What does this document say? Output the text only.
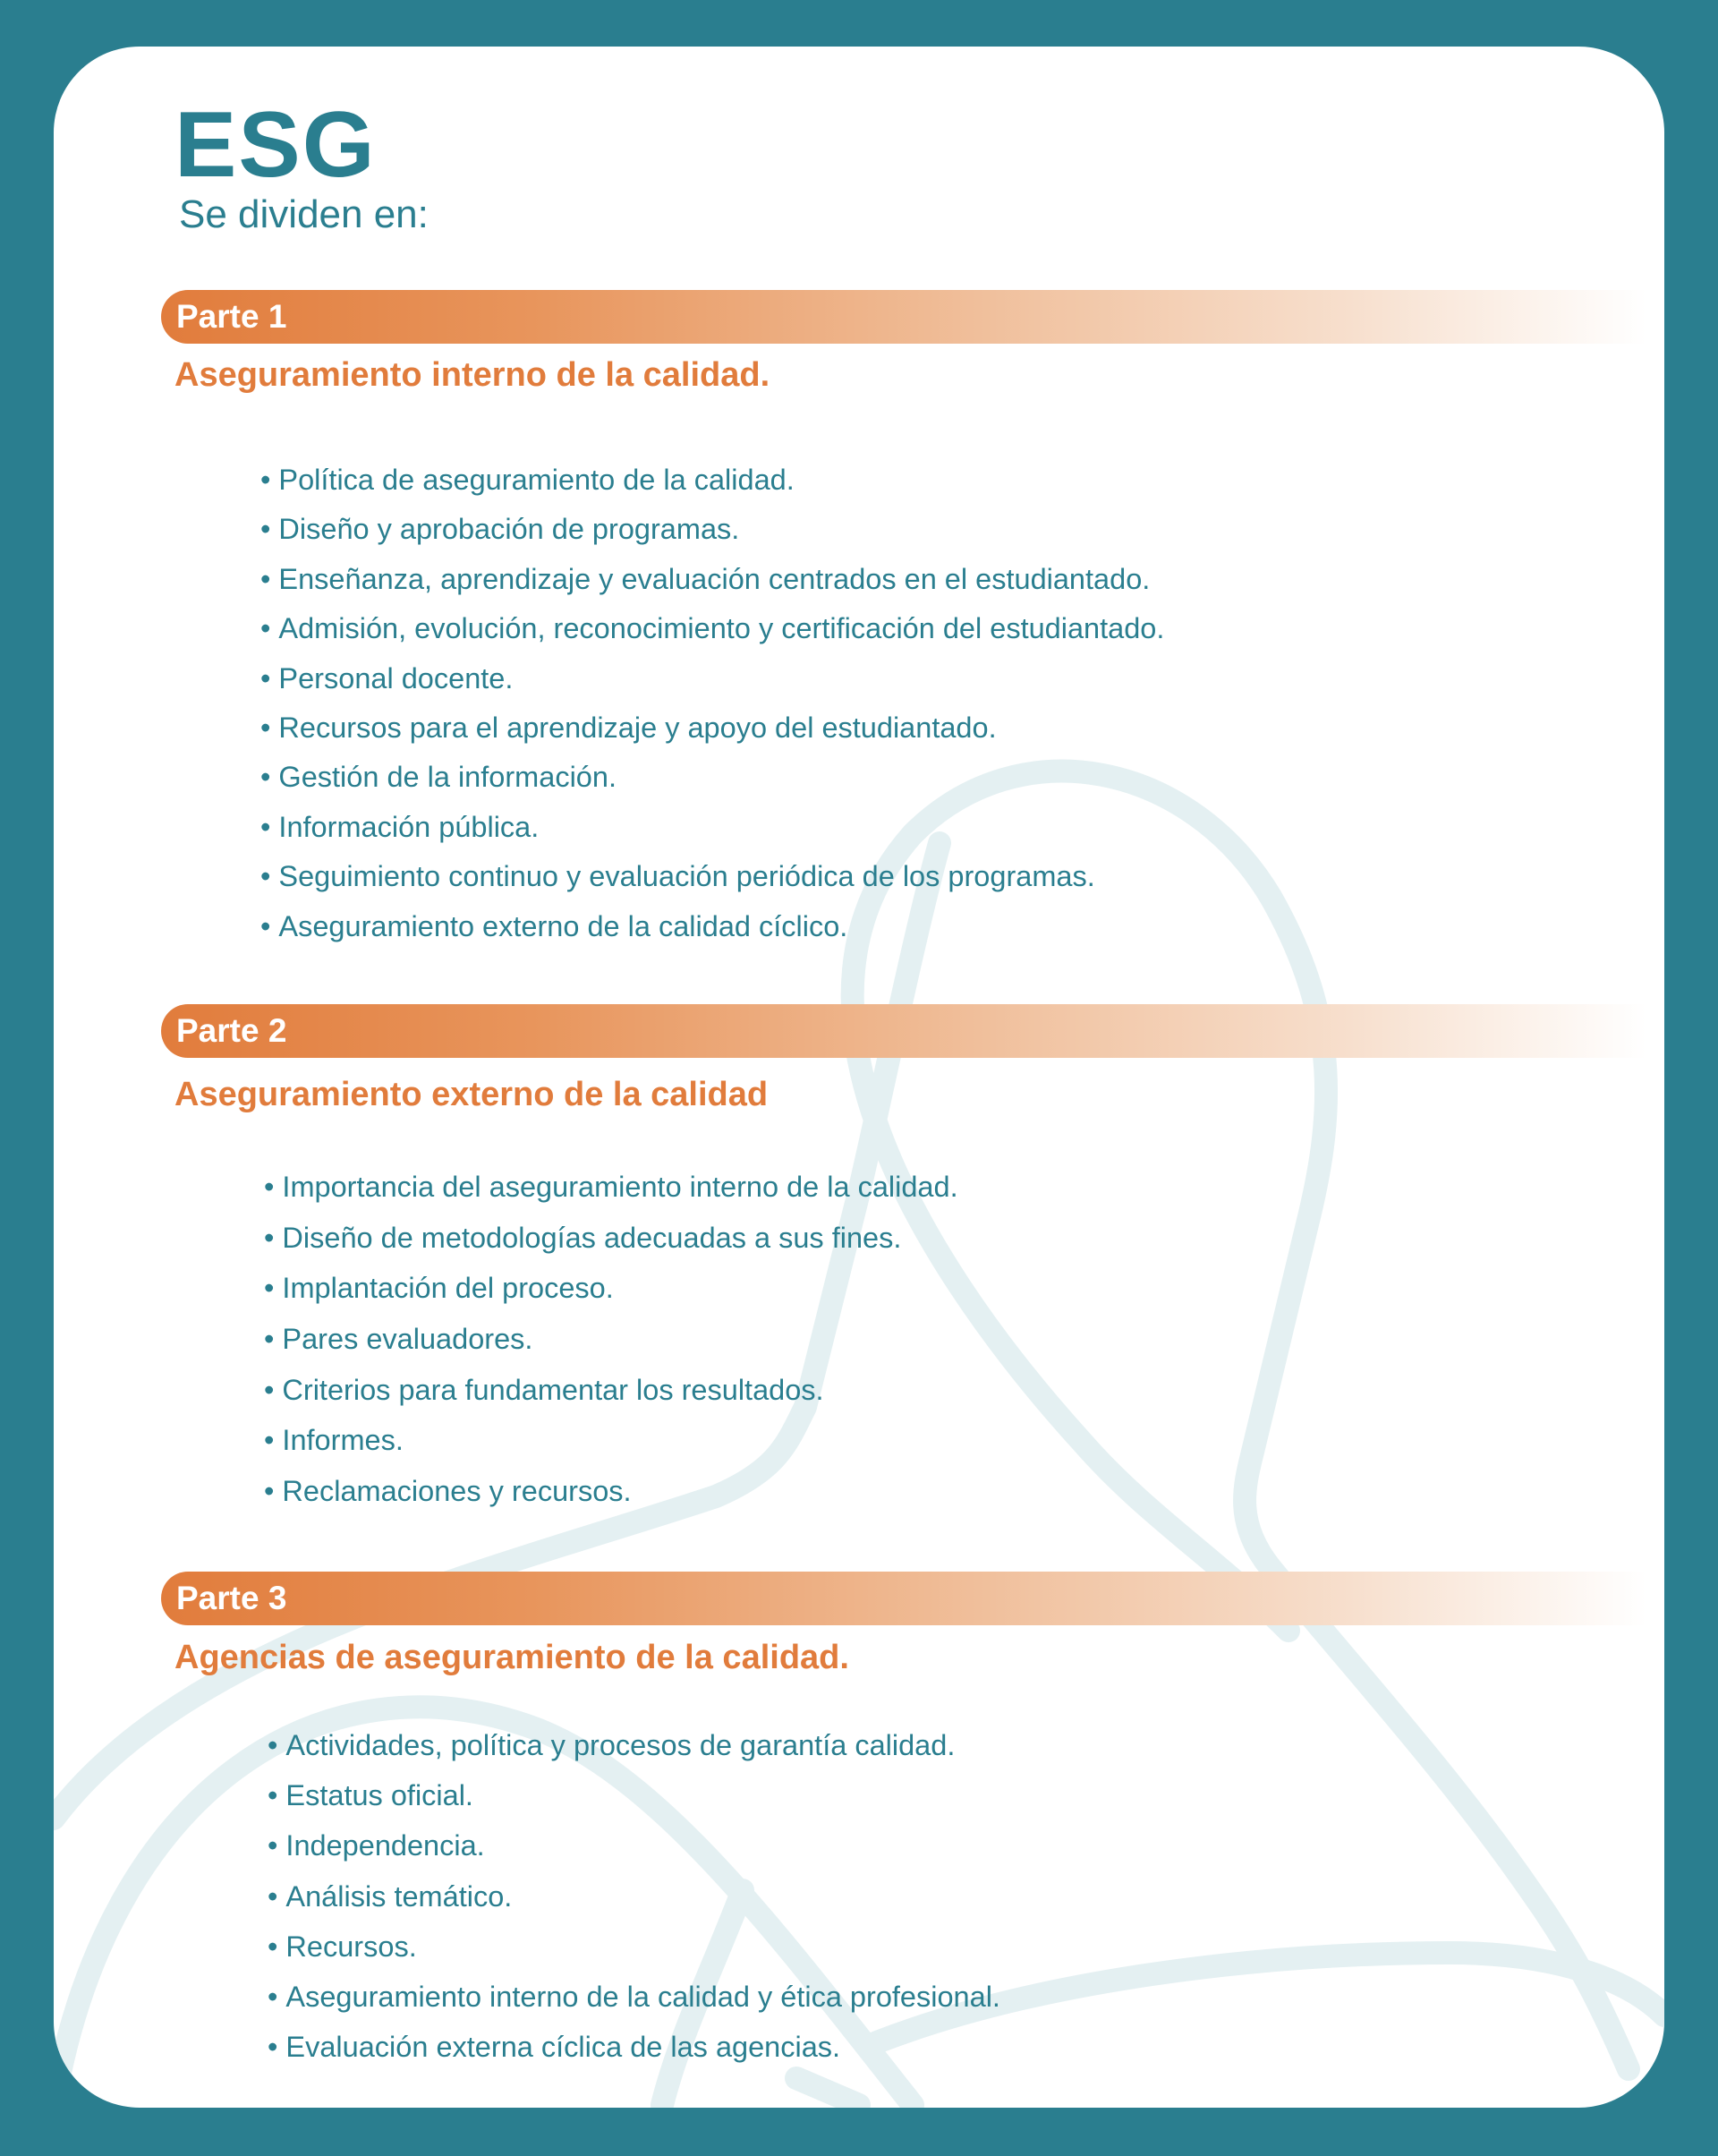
ESG

Se dividen en:

Parte 1
Aseguramiento interno de la calidad.
• Política de aseguramiento de la calidad.
• Diseño y aprobación de programas.
• Enseñanza, aprendizaje y evaluación centrados en el estudiantado.
• Admisión, evolución, reconocimiento y certificación del estudiantado.
• Personal docente.
• Recursos para el aprendizaje y apoyo del estudiantado.
• Gestión de la información.
• Información pública.
• Seguimiento continuo y evaluación periódica de los programas.
• Aseguramiento externo de la calidad cíclico.
Parte 2
Aseguramiento externo de la calidad
• Importancia del aseguramiento interno de la calidad.
• Diseño de metodologías adecuadas a sus fines.
• Implantación del proceso.
• Pares evaluadores.
• Criterios para fundamentar los resultados.
• Informes.
• Reclamaciones y recursos.
Parte 3
Agencias de aseguramiento de la calidad.
• Actividades, política y procesos de garantía calidad.
• Estatus oficial.
• Independencia.
• Análisis temático.
• Recursos.
• Aseguramiento interno de la calidad y ética profesional.
• Evaluación externa cíclica de las agencias.
